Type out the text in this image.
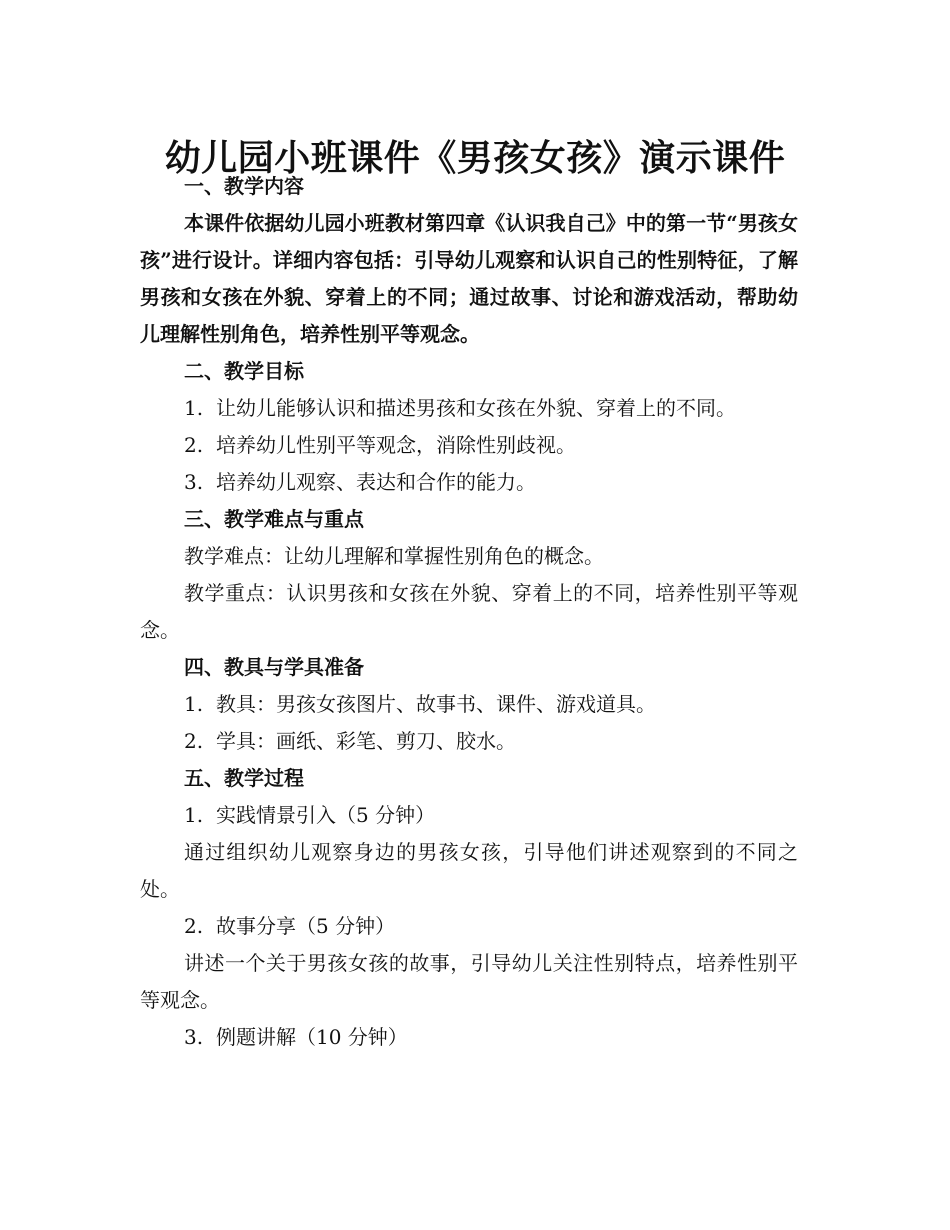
幼儿园小班课件《男孩女孩》演示课件

一、教学内容

本课件依据幼儿园小班教材第四章《认识我自己》中的第一节“男孩女孩”进行设计。详细内容包括：引导幼儿观察和认识自己的性别特征，了解男孩和女孩在外貌、穿着上的不同；通过故事、讨论和游戏活动，帮助幼儿理解性别角色，培养性别平等观念。

二、教学目标

1. 让幼儿能够认识和描述男孩和女孩在外貌、穿着上的不同。

2. 培养幼儿性别平等观念，消除性别歧视。

3. 培养幼儿观察、表达和合作的能力。

三、教学难点与重点

教学难点：让幼儿理解和掌握性别角色的概念。

教学重点：认识男孩和女孩在外貌、穿着上的不同，培养性别平等观念。

四、教具与学具准备

1. 教具：男孩女孩图片、故事书、课件、游戏道具。

2. 学具：画纸、彩笔、剪刀、胶水。

五、教学过程

1. 实践情景引入（5 分钟）

通过组织幼儿观察身边的男孩女孩，引导他们讲述观察到的不同之处。

2. 故事分享（5 分钟）

讲述一个关于男孩女孩的故事，引导幼儿关注性别特点，培养性别平等观念。

3. 例题讲解（10 分钟）
